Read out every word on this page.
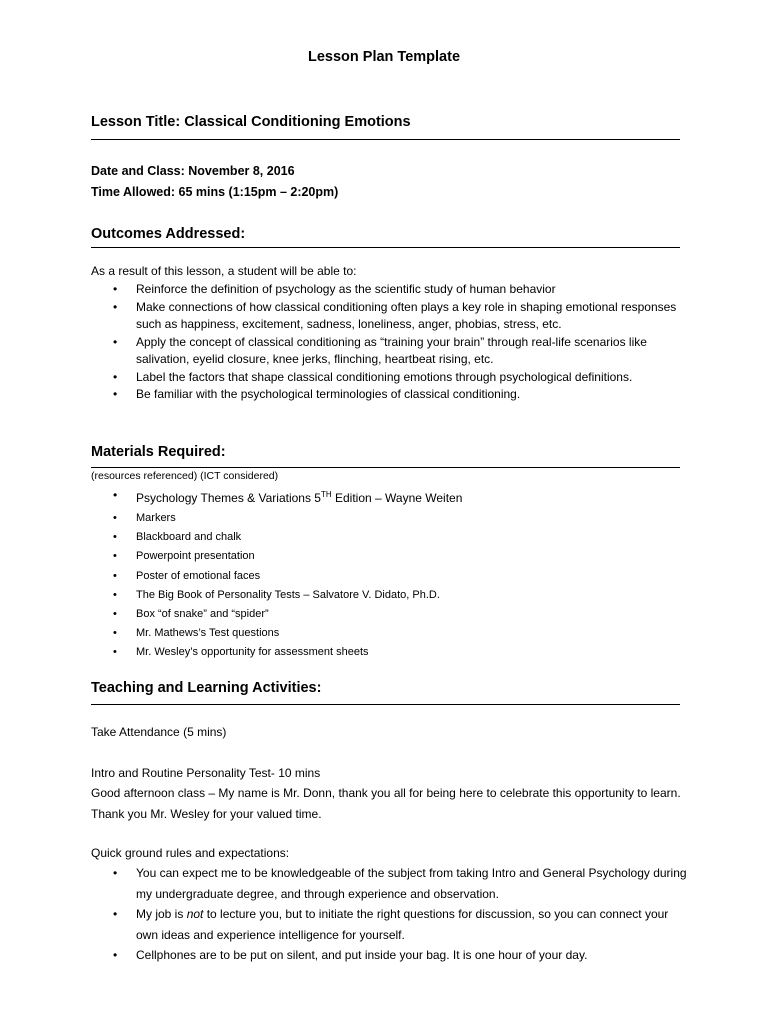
Lesson Plan Template
Lesson Title: Classical Conditioning Emotions

Date and Class: November 8, 2016

Time Allowed: 65 mins (1:15pm – 2:20pm)

Outcomes Addressed:

As a result of this lesson, a student will be able to:

• Reinforce the definition of psychology as the scientific study of human behavior
• Make connections of how classical conditioning often plays a key role in shaping emotional responses such as happiness, excitement, sadness, loneliness, anger, phobias, stress, etc.
• Apply the concept of classical conditioning as “training your brain” through real-life scenarios like salivation, eyelid closure, knee jerks, flinching, heartbeat rising, etc.
• Label the factors that shape classical conditioning emotions through psychological definitions.
• Be familiar with the psychological terminologies of classical conditioning.
Materials Required:

(resources referenced) (ICT considered)

• Psychology Themes & Variations 5TH Edition – Wayne Weiten
• Markers
• Blackboard and chalk
• Powerpoint presentation
• Poster of emotional faces
• The Big Book of Personality Tests – Salvatore V. Didato, Ph.D.
• Box “of snake” and “spider”
• Mr. Mathews’s Test questions
• Mr. Wesley’s opportunity for assessment sheets
Teaching and Learning Activities:

Take Attendance (5 mins)

Intro and Routine Personality Test- 10 mins

Good afternoon class – My name is Mr. Donn, thank you all for being here to celebrate this opportunity to learn. Thank you Mr. Wesley for your valued time.

Quick ground rules and expectations:

• You can expect me to be knowledgeable of the subject from taking Intro and General Psychology during my undergraduate degree, and through experience and observation.
• My job is not to lecture you, but to initiate the right questions for discussion, so you can connect your own ideas and experience intelligence for yourself.
• Cellphones are to be put on silent, and put inside your bag. It is one hour of your day.
